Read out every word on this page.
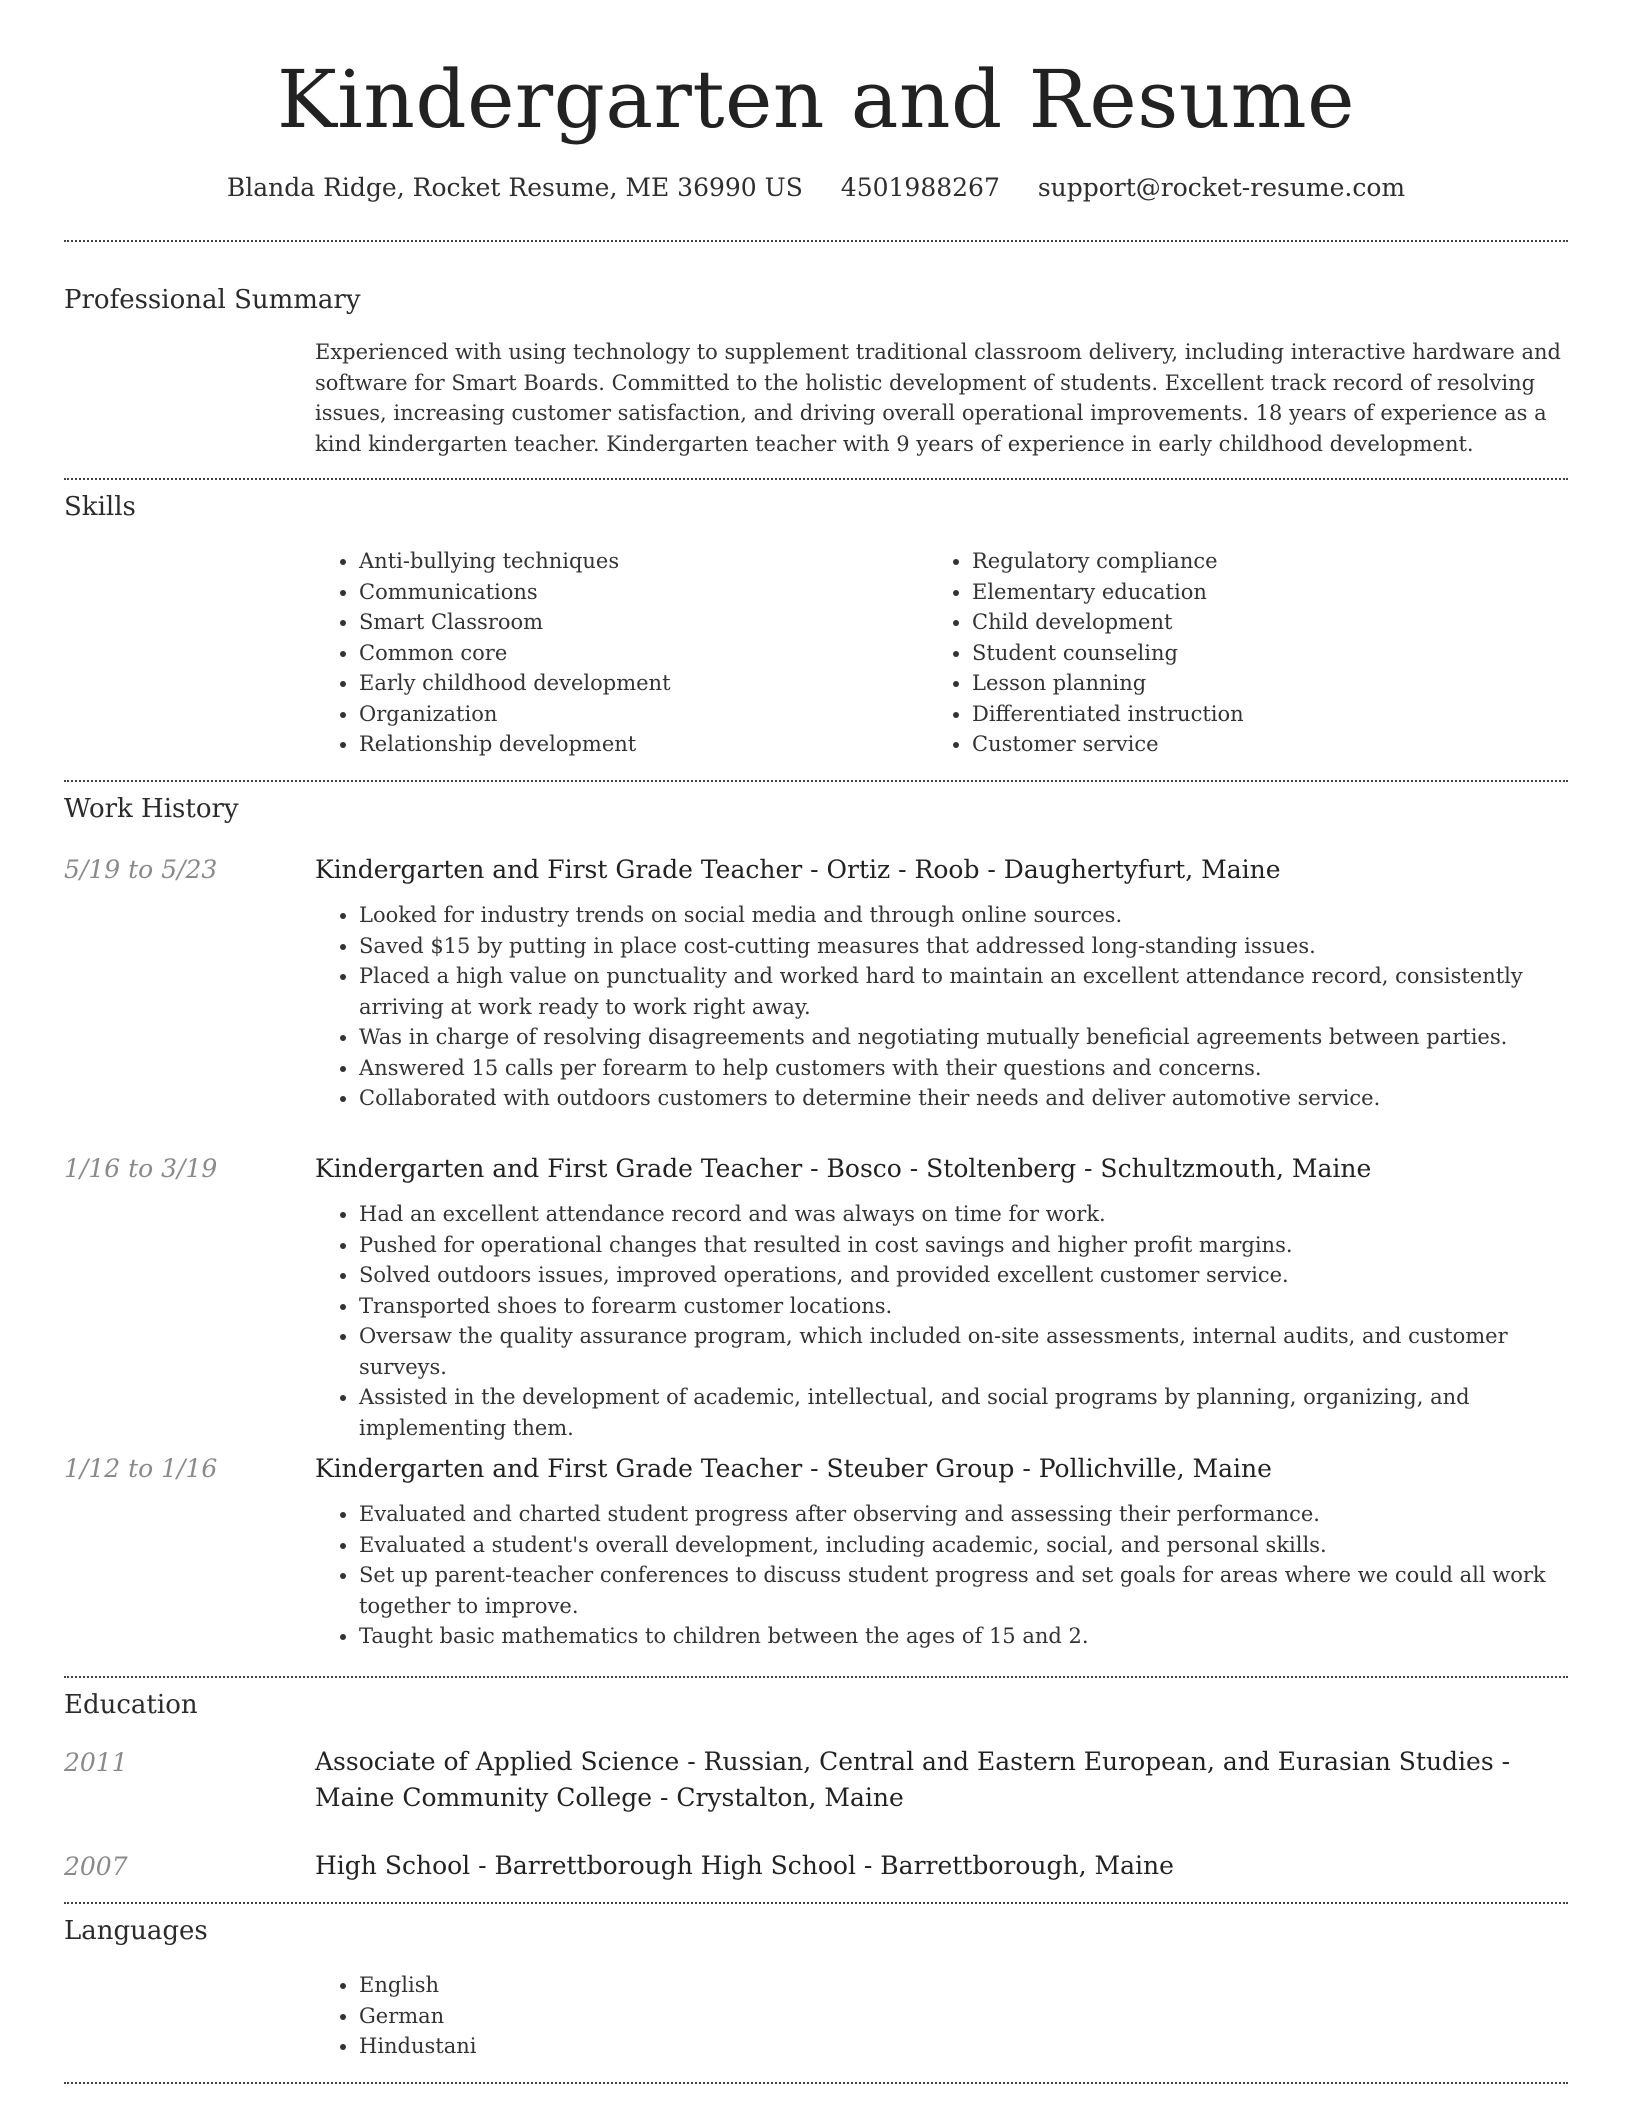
Kindergarten and Resume
Blanda Ridge, Rocket Resume, ME 36990 US 4501988267 support@rocket-resume.com
Professional Summary

Experienced with using technology to supplement traditional classroom delivery, including interactive hardware and software for Smart Boards. Committed to the holistic development of students. Excellent track record of resolving issues, increasing customer satisfaction, and driving overall operational improvements. 18 years of experience as a kind kindergarten teacher. Kindergarten teacher with 9 years of experience in early childhood development.

Skills
• Anti-bullying techniques
• Communications
• Smart Classroom
• Common core
• Early childhood development
• Organization
• Relationship development
• Regulatory compliance
• Elementary education
• Child development
• Student counseling
• Lesson planning
• Differentiated instruction
• Customer service
Work History
5/19 to 5/23	Kindergarten and First Grade Teacher - Ortiz - Roob - Daughertyfurt, Maine

• Looked for industry trends on social media and through online sources.
• Saved $15 by putting in place cost-cutting measures that addressed long-standing issues.
• Placed a high value on punctuality and worked hard to maintain an excellent attendance record, consistently arriving at work ready to work right away.
• Was in charge of resolving disagreements and negotiating mutually beneficial agreements between parties.
• Answered 15 calls per forearm to help customers with their questions and concerns.
• Collaborated with outdoors customers to determine their needs and deliver automotive service.
1/16 to 3/19	Kindergarten and First Grade Teacher - Bosco - Stoltenberg - Schultzmouth, Maine

• Had an excellent attendance record and was always on time for work.
• Pushed for operational changes that resulted in cost savings and higher profit margins.
• Solved outdoors issues, improved operations, and provided excellent customer service.
• Transported shoes to forearm customer locations.
• Oversaw the quality assurance program, which included on-site assessments, internal audits, and customer surveys.
• Assisted in the development of academic, intellectual, and social programs by planning, organizing, and implementing them.
1/12 to 1/16	Kindergarten and First Grade Teacher - Steuber Group - Pollichville, Maine

• Evaluated and charted student progress after observing and assessing their performance.
• Evaluated a student's overall development, including academic, social, and personal skills.
• Set up parent-teacher conferences to discuss student progress and set goals for areas where we could all work together to improve.
• Taught basic mathematics to children between the ages of 15 and 2.
Education
2011	Associate of Applied Science - Russian, Central and Eastern European, and Eurasian Studies - Maine Community College - Crystalton, Maine

2007	High School - Barrettborough High School - Barrettborough, Maine

Languages
• English
• German
• Hindustani
